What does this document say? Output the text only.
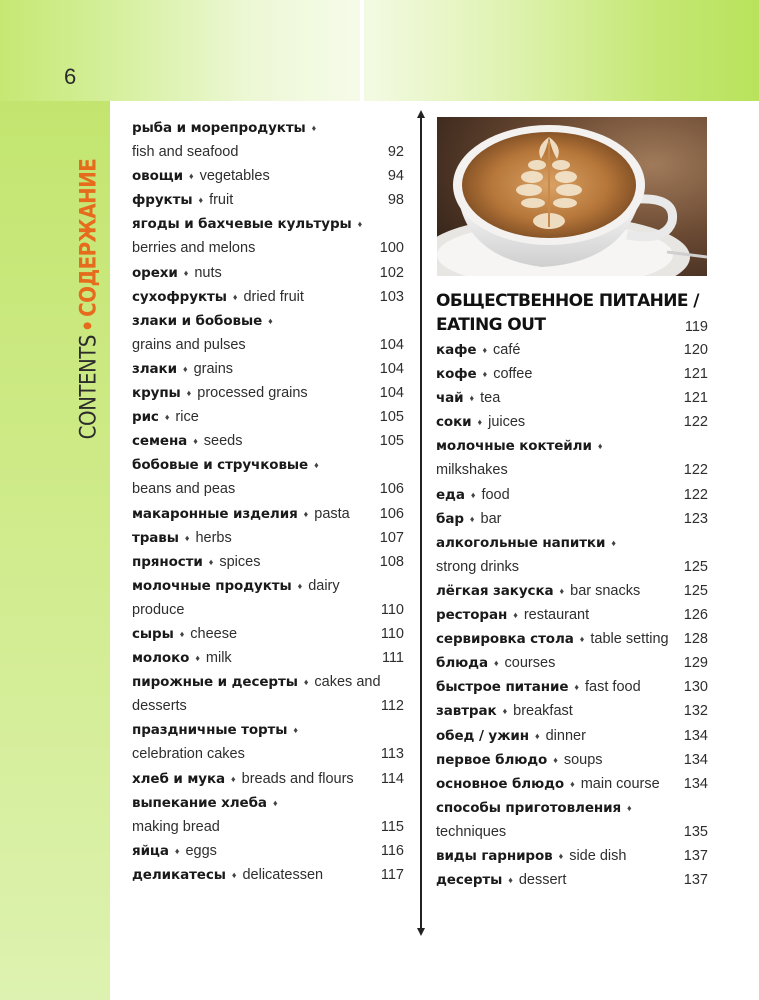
6
CONTENTS•СОДЕРЖАНИЕ
рыба и морепродукты ♦
fish and seafood	92
овощи ♦ vegetables	94
фрукты ♦ fruit	98
ягоды и бахчевые культуры ♦
berries and melons	100
орехи ♦ nuts	102
сухофрукты ♦ dried fruit	103
злаки и бобовые ♦
grains and pulses	104
злаки ♦ grains	104
крупы ♦ processed grains	104
рис ♦ rice	105
семена ♦ seeds	105
бобовые и стручковые ♦
beans and peas	106
макаронные изделия ♦ pasta 106
травы ♦ herbs	107
пряности ♦ spices	108
молочные продукты ♦ dairy
produce	110
сыры ♦ cheese	110
молоко ♦ milk	111
пирожные и десерты ♦ cakes and
desserts	112
праздничные торты ♦
celebration cakes	113
хлеб и мука ♦ breads and flours 114
выпекание хлеба ♦
making bread	115
яйца ♦ eggs	116
деликатесы ♦ delicatessen	117
ОБЩЕСТВЕННОЕ ПИТАНИЕ /
EATING OUT	119
кафе ♦ café	120
кофе ♦ coffee	121
чай ♦ tea	121
соки ♦ juices	122
молочные коктейли ♦
milkshakes	122
еда ♦ food	122
бар ♦ bar	123
алкогольные напитки ♦
strong drinks	125
лёгкая закуска ♦ bar snacks	125
ресторан ♦ restaurant	126
сервировка стола ♦ table setting 128
блюда ♦ courses	129
быстрое питание ♦ fast food	130
завтрак ♦ breakfast	132
обед / ужин ♦ dinner	134
первое блюдо ♦ soups	134
основное блюдо ♦ main course 134
способы приготовления ♦
techniques	135
виды гарниров ♦ side dish	137
десерты ♦ dessert	137
